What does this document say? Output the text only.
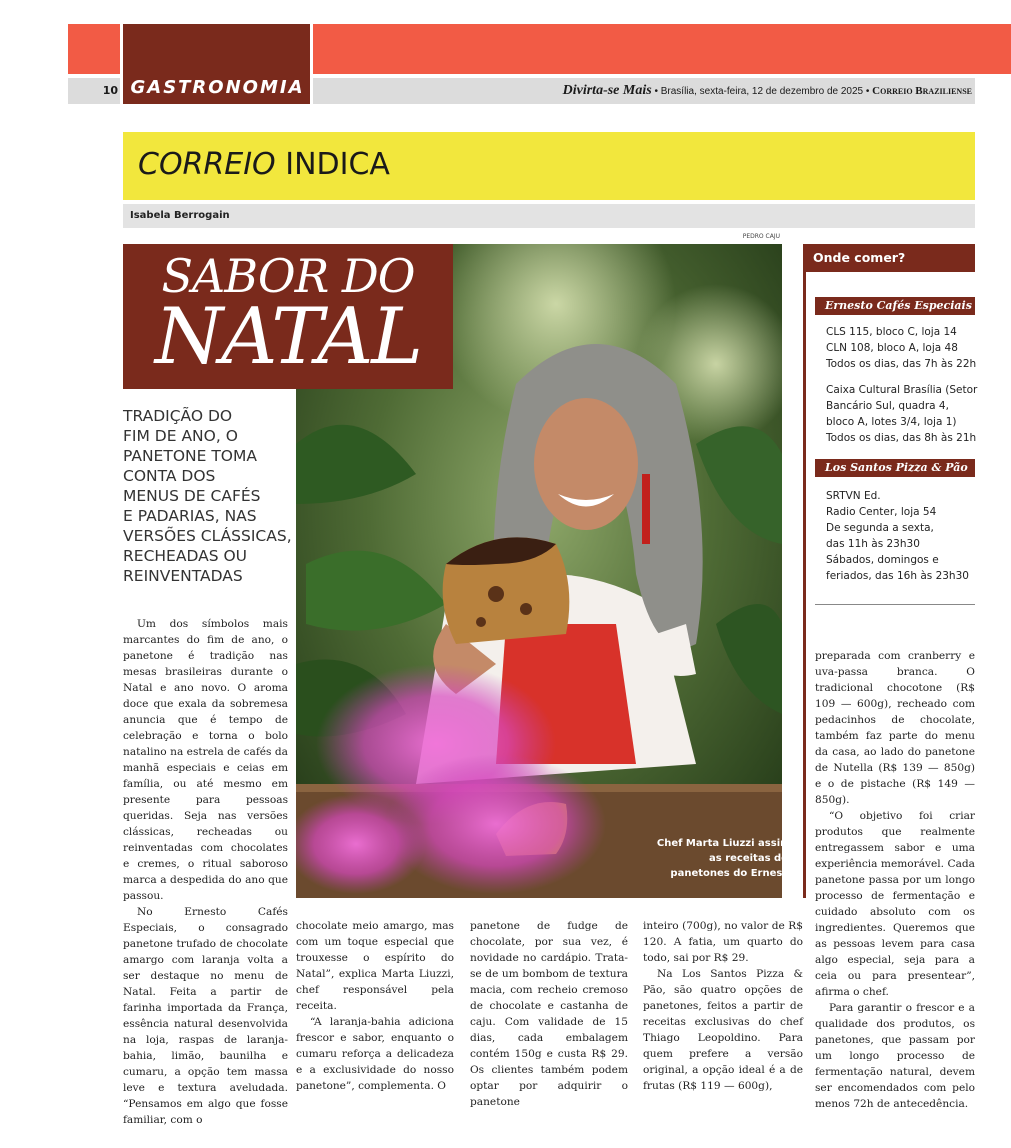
GASTRONOMIA
10	Divirta-se Mais • Brasília, sexta-feira, 12 de dezembro de 2025 • Correio Braziliense
CORREIO INDICA
Isabela Berrogain
PEDRO CAJU
SABOR DO
NATAL
Chef Marta Liuzzi assina as receitas dos panetones do Ernesto
TRADIÇÃO DO
FIM DE ANO, O
PANETONE TOMA
CONTA DOS
MENUS DE CAFÉS
E PADARIAS, NAS
VERSÕES CLÁSSICAS,
RECHEADAS OU
REINVENTADAS

Um dos símbolos mais marcantes do fim de ano, o panetone é tradição nas mesas brasileiras durante o Natal e ano novo. O aroma doce que exala da sobremesa anuncia que é tempo de celebração e torna o bolo natalino na estrela de cafés da manhã especiais e ceias em família, ou até mesmo em presente para pessoas queridas. Seja nas versões clássicas, recheadas ou reinventadas com chocolates e cremes, o ritual saboroso marca a despedida do ano que passou.

No Ernesto Cafés Especiais, o consagrado panetone trufado de chocolate amargo com laranja volta a ser destaque no menu de Natal. Feita a partir de farinha importada da França, essência natural desenvolvida na loja, raspas de laranja-bahia, limão, baunilha e cumaru, a opção tem massa leve e textura aveludada. “Pensamos em algo que fosse familiar, com o

chocolate meio amargo, mas com um toque especial que trouxesse o espírito do Natal”, explica Marta Liuzzi, chef responsável pela receita.

“A laranja-bahia adiciona frescor e sabor, enquanto o cumaru reforça a delicadeza e a exclusividade do nosso panetone”, complementa. O

panetone de fudge de chocolate, por sua vez, é novidade no cardápio. Trata-se de um bombom de textura macia, com recheio cremoso de chocolate e castanha de caju. Com validade de 15 dias, cada embalagem contém 150g e custa R$ 29. Os clientes também podem optar por adquirir o panetone

inteiro (700g), no valor de R$ 120. A fatia, um quarto do todo, sai por R$ 29.

Na Los Santos Pizza & Pão, são quatro opções de panetones, feitos a partir de receitas exclusivas do chef Thiago Leopoldino. Para quem prefere a versão original, a opção ideal é a de frutas (R$ 119 — 600g),

preparada com cranberry e uva-passa branca. O tradicional chocotone (R$ 109 — 600g), recheado com pedacinhos de chocolate, também faz parte do menu da casa, ao lado do panetone de Nutella (R$ 139 — 850g) e o de pistache (R$ 149 — 850g).

“O objetivo foi criar produtos que realmente entregassem sabor e uma experiência memorável. Cada panetone passa por um longo processo de fermentação e cuidado absoluto com os ingredientes. Queremos que as pessoas levem para casa algo especial, seja para a ceia ou para presentear”, afirma o chef.

Para garantir o frescor e a qualidade dos produtos, os panetones, que passam por um longo processo de fermentação natural, devem ser encomendados com pelo menos 72h de antecedência.

Onde comer?
Ernesto Cafés Especiais
CLS 115, bloco C, loja 14
CLN 108, bloco A, loja 48
Todos os dias, das 7h às 22h
Caixa Cultural Brasília (Setor
Bancário Sul, quadra 4,
bloco A, lotes 3/4, loja 1)
Todos os dias, das 8h às 21h
Los Santos Pizza & Pão
SRTVN Ed.
Radio Center, loja 54
De segunda a sexta,
das 11h às 23h30
Sábados, domingos e
feriados, das 16h às 23h30
